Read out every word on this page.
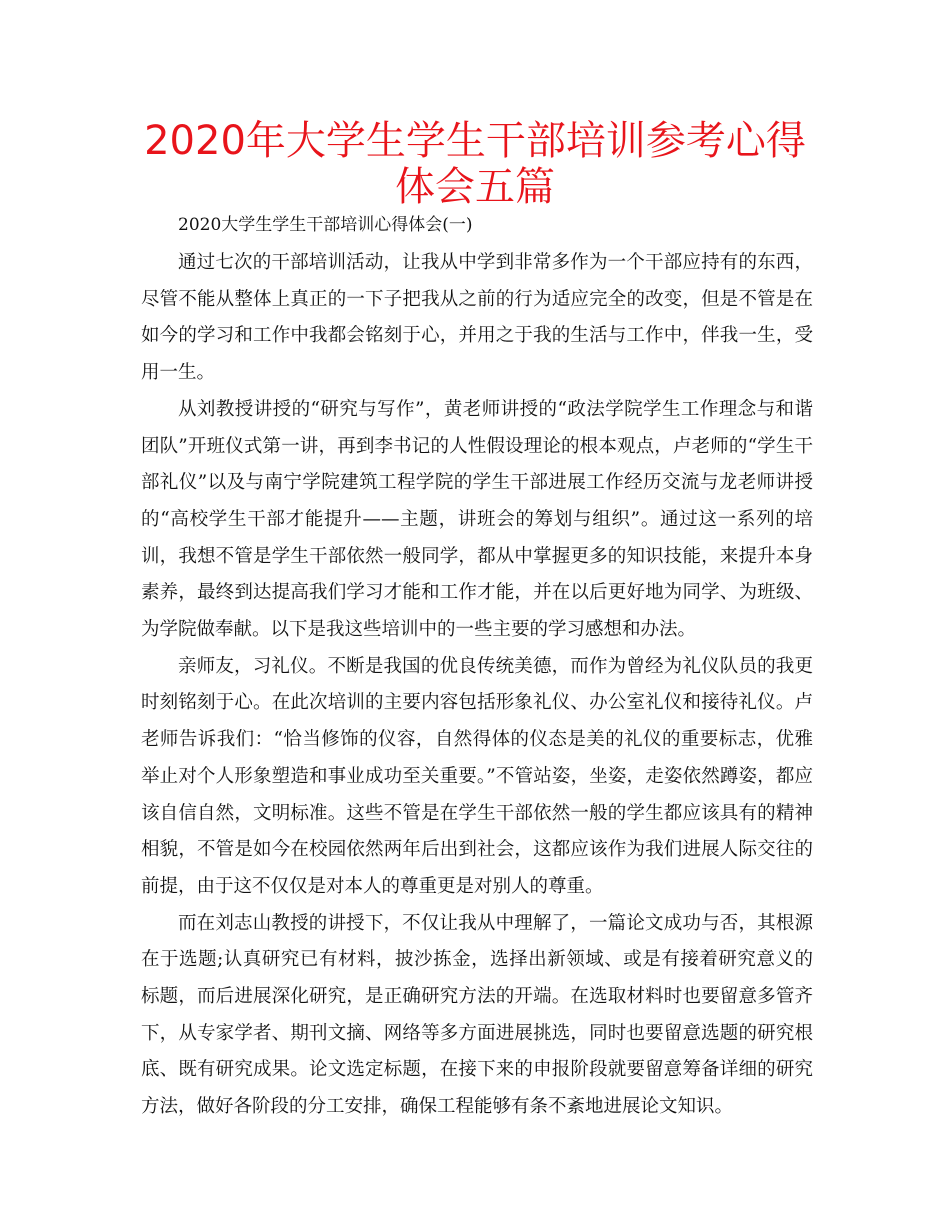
2020年大学生学生干部培训参考心得体会五篇
2020大学生学生干部培训心得体会(一)

通过七次的干部培训活动，让我从中学到非常多作为一个干部应持有的东西，尽管不能从整体上真正的一下子把我从之前的行为适应完全的改变，但是不管是在如今的学习和工作中我都会铭刻于心，并用之于我的生活与工作中，伴我一生，受用一生。

从刘教授讲授的“研究与写作”，黄老师讲授的“政法学院学生工作理念与和谐团队”开班仪式第一讲，再到李书记的人性假设理论的根本观点，卢老师的“学生干部礼仪”以及与南宁学院建筑工程学院的学生干部进展工作经历交流与龙老师讲授的“高校学生干部才能提升——主题，讲班会的筹划与组织”。通过这一系列的培训，我想不管是学生干部依然一般同学，都从中掌握更多的知识技能，来提升本身素养，最终到达提高我们学习才能和工作才能，并在以后更好地为同学、为班级、为学院做奉献。以下是我这些培训中的一些主要的学习感想和办法。

亲师友，习礼仪。不断是我国的优良传统美德，而作为曾经为礼仪队员的我更时刻铭刻于心。在此次培训的主要内容包括形象礼仪、办公室礼仪和接待礼仪。卢老师告诉我们：“恰当修饰的仪容，自然得体的仪态是美的礼仪的重要标志，优雅举止对个人形象塑造和事业成功至关重要。”不管站姿，坐姿，走姿依然蹲姿，都应该自信自然，文明标准。这些不管是在学生干部依然一般的学生都应该具有的精神相貌，不管是如今在校园依然两年后出到社会，这都应该作为我们进展人际交往的前提，由于这不仅仅是对本人的尊重更是对别人的尊重。

而在刘志山教授的讲授下，不仅让我从中理解了，一篇论文成功与否，其根源在于选题;认真研究已有材料，披沙拣金，选择出新领域、或是有接着研究意义的标题，而后进展深化研究，是正确研究方法的开端。在选取材料时也要留意多管齐下，从专家学者、期刊文摘、网络等多方面进展挑选，同时也要留意选题的研究根底、既有研究成果。论文选定标题，在接下来的申报阶段就要留意筹备详细的研究方法，做好各阶段的分工安排，确保工程能够有条不紊地进展论文知识。
